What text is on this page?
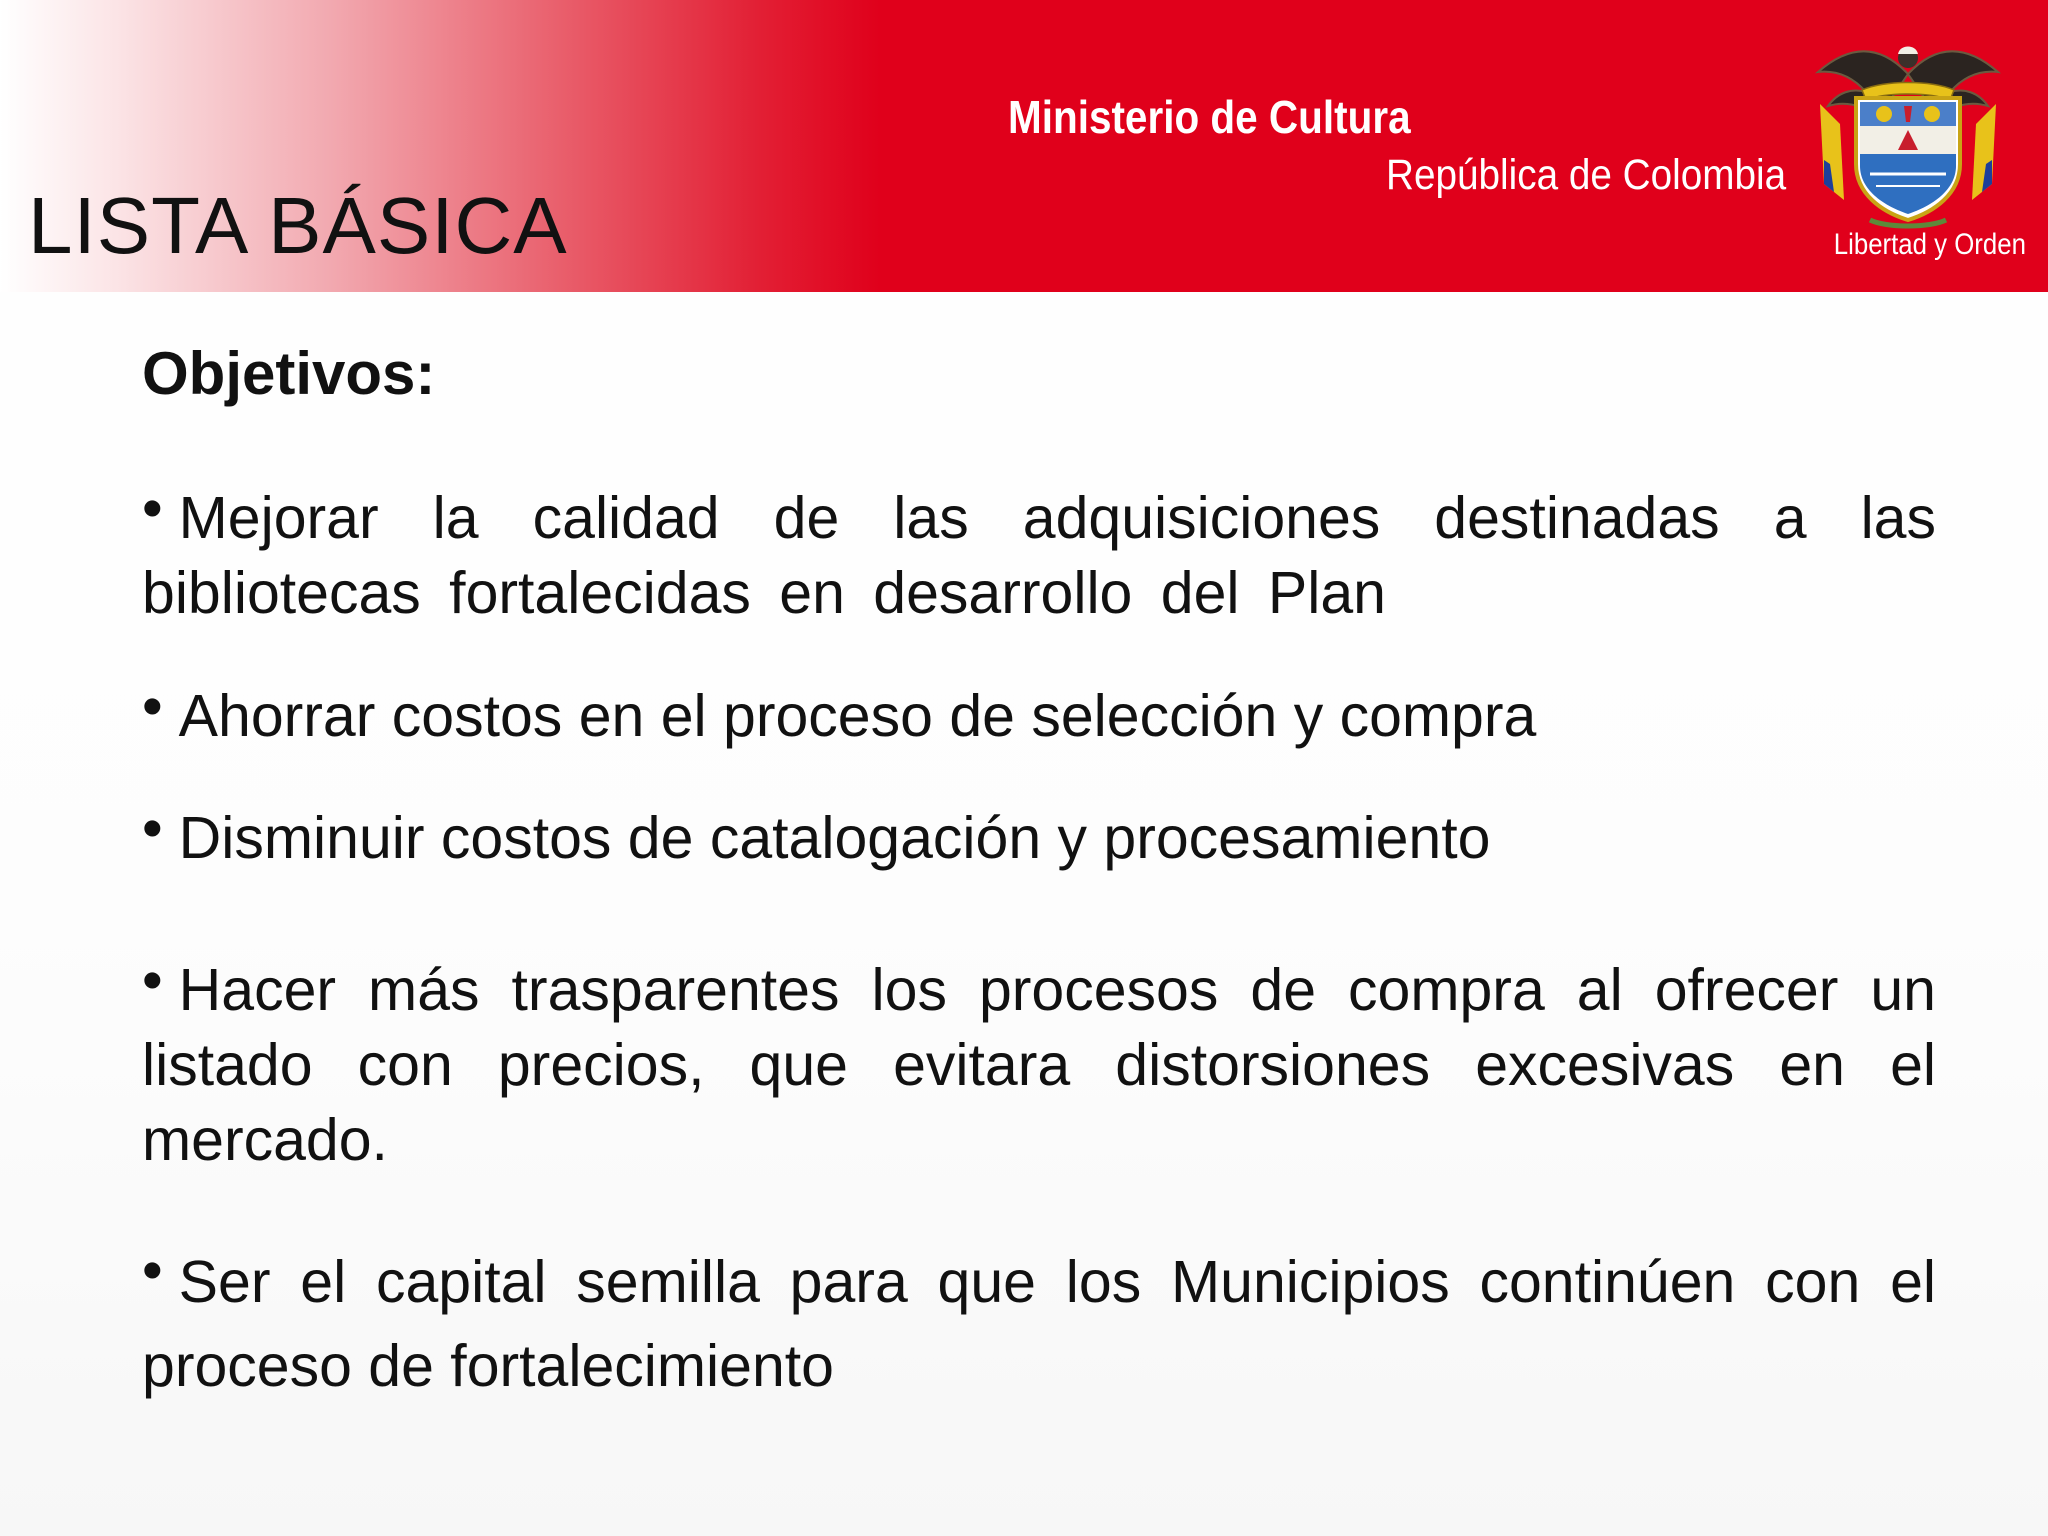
LISTA BÁSICA
Ministerio de Cultura
República de Colombia
Libertad y Orden
Objetivos:
• Mejorar la calidad de las adquisiciones destinadas a las bibliotecas fortalecidas en desarrollo del Plan
• Ahorrar costos en el proceso de selección y compra
• Disminuir costos de catalogación y procesamiento
• Hacer más trasparentes los procesos de compra al ofrecer un listado con precios, que evitara distorsiones excesivas en el mercado.
• Ser el capital semilla para que los Municipios continúen con el proceso de fortalecimiento
